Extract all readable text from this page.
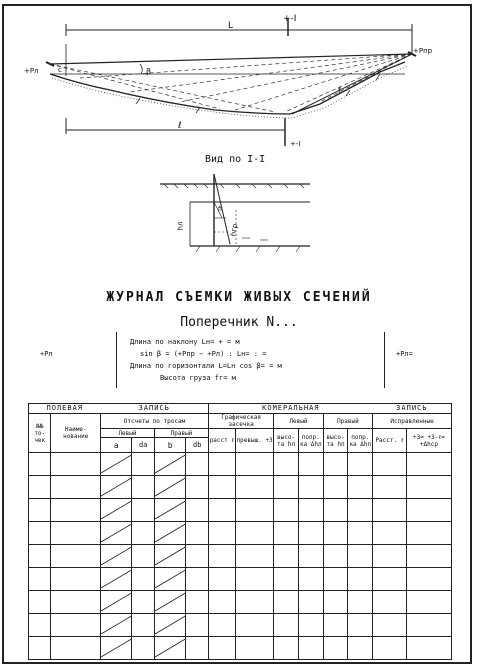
+-I
L
+Рпр
+Рл	c	β
f
ℓ
+-I
Вид по I-I
hл	hгр
fi
ЖУРНАЛ СЪЕМКИ ЖИВЫХ СЕЧЕНИЙ
Поперечник N...
+Рл
Длина по наклону Lн= + = м
sin β = (+Pпр − +Pл) : Lн= : =
Длина по горизонтали L=Lн cos β= = м
Высота груза fг= м
+Рл=
ПОЛЕВАЯ		ЗАПИСЬ				КОМЕРАЛЬНАЯ						ЗАПИСЬ	
№№ то- чек	Наиме- нование	Отсчеты по тросам				Графическая засечка		Левый		Правый		Исправленные	
		Левый		Правый		расст ℓ	превыш. +3	высо- та hл	попр. ка Δhл	высо- та hп	попр. ка Δhп	Расст. ℓ	+3= +3-ℓ= +Δhср
		a	da	b	db								
